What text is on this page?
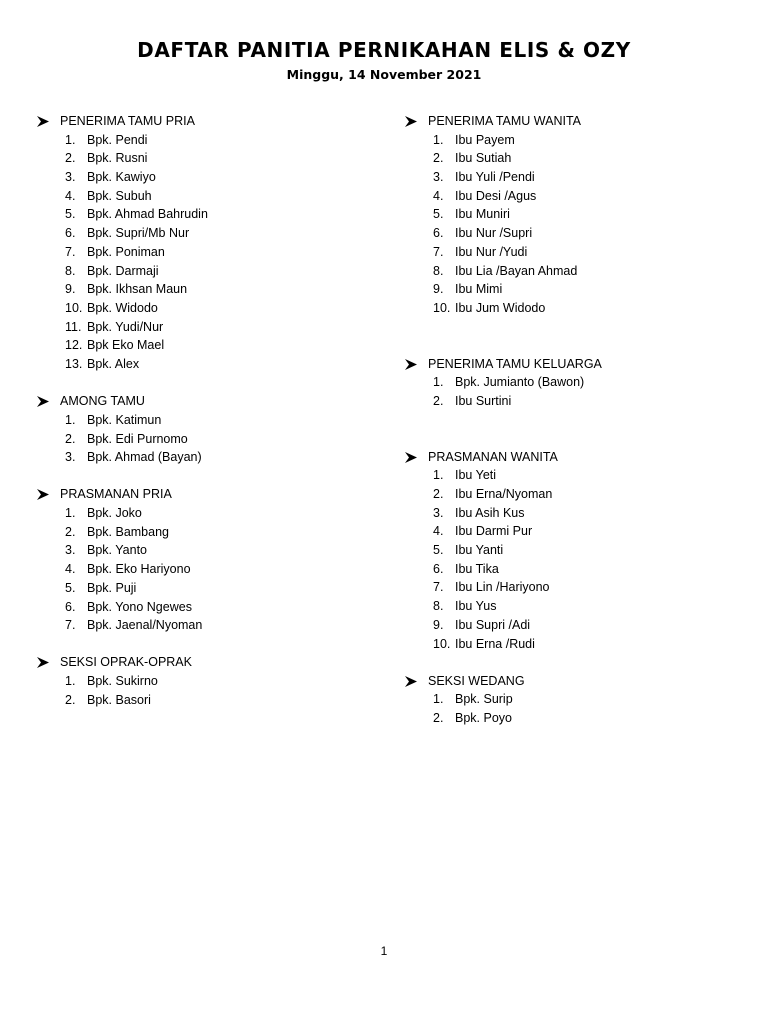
DAFTAR PANITIA PERNIKAHAN ELIS & OZY
Minggu, 14 November 2021
PENERIMA TAMU PRIA
1. Bpk. Pendi
2. Bpk. Rusni
3. Bpk. Kawiyo
4. Bpk. Subuh
5. Bpk. Ahmad Bahrudin
6. Bpk. Supri/Mb Nur
7. Bpk. Poniman
8. Bpk. Darmaji
9. Bpk. Ikhsan Maun
10. Bpk. Widodo
11. Bpk. Yudi/Nur
12. Bpk Eko Mael
13. Bpk. Alex
AMONG TAMU
1. Bpk. Katimun
2. Bpk. Edi Purnomo
3. Bpk. Ahmad (Bayan)
PRASMANAN PRIA
1. Bpk. Joko
2. Bpk. Bambang
3. Bpk. Yanto
4. Bpk. Eko Hariyono
5. Bpk. Puji
6. Bpk. Yono Ngewes
7. Bpk. Jaenal/Nyoman
SEKSI OPRAK-OPRAK
1. Bpk. Sukirno
2. Bpk. Basori
PENERIMA TAMU WANITA
1. Ibu Payem
2. Ibu Sutiah
3. Ibu Yuli /Pendi
4. Ibu Desi /Agus
5. Ibu Muniri
6. Ibu Nur /Supri
7. Ibu Nur /Yudi
8. Ibu Lia /Bayan Ahmad
9. Ibu Mimi
10. Ibu Jum Widodo
PENERIMA TAMU KELUARGA
1. Bpk. Jumianto (Bawon)
2. Ibu Surtini
PRASMANAN WANITA
1. Ibu Yeti
2. Ibu Erna/Nyoman
3. Ibu Asih Kus
4. Ibu Darmi Pur
5. Ibu Yanti
6. Ibu Tika
7. Ibu Lin /Hariyono
8. Ibu Yus
9. Ibu Supri /Adi
10. Ibu Erna /Rudi
SEKSI WEDANG
1. Bpk. Surip
2. Bpk. Poyo
1
